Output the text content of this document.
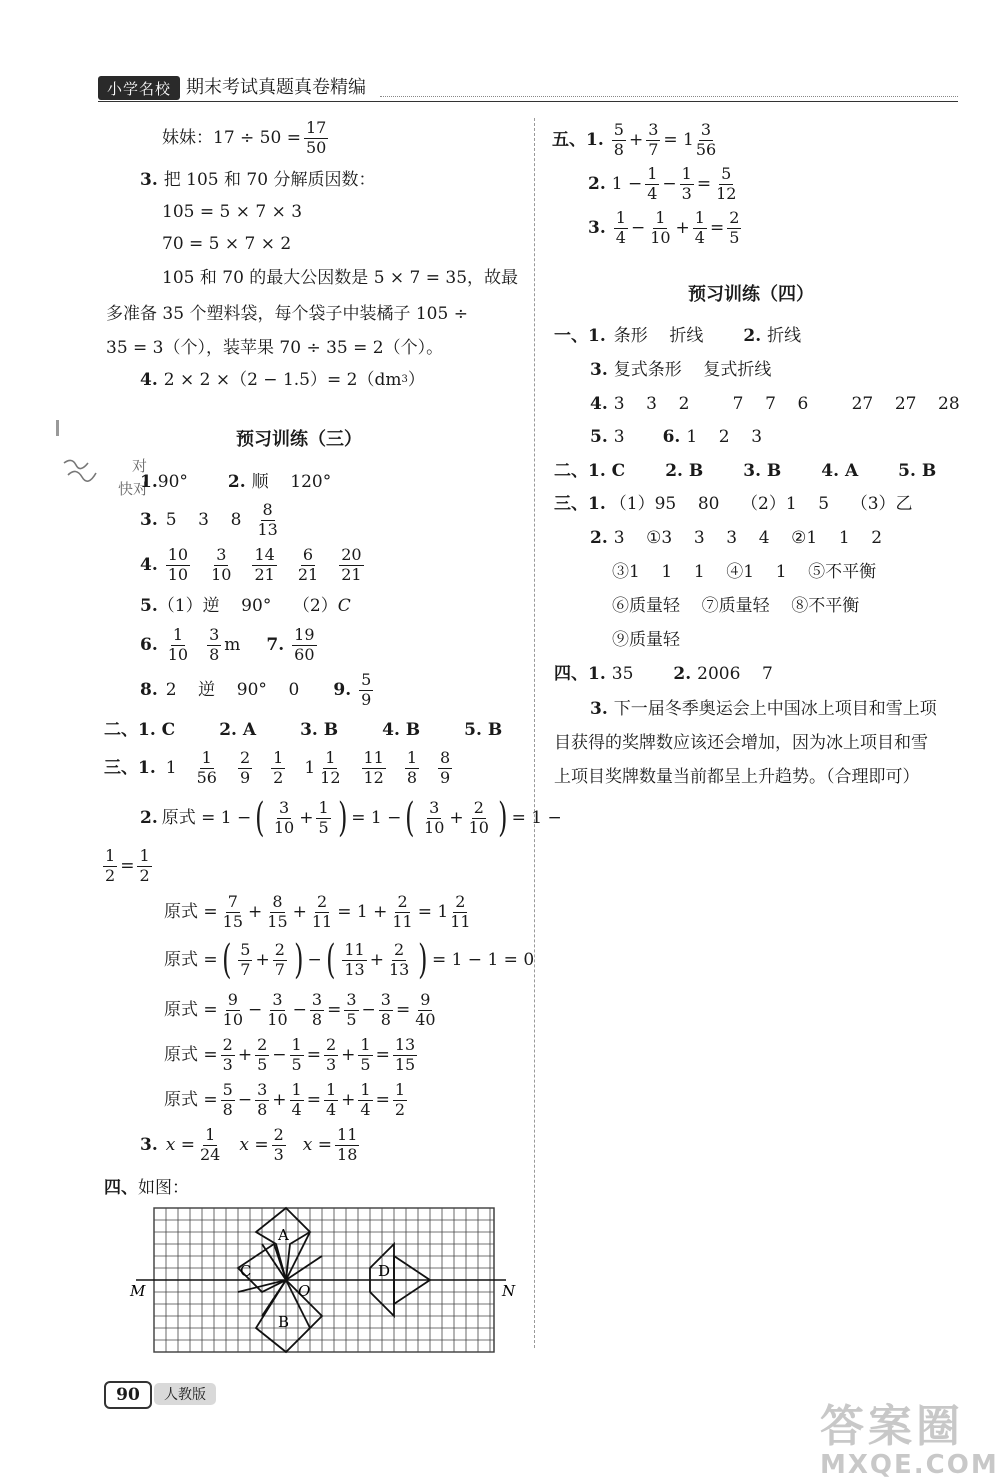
小学名校 期末考试真题真卷精编
对
快对
妹妹：$17 \div 50 = \frac{17}{50}$
3. 把 105 和 70 分解质因数：
105 = 5 × 7 × 3
70 = 5 × 7 × 2
105 和 70 的最大公因数是 5 × 7 = 35，故最
多准备 35 个塑料袋，每个袋子中装橘子 105 ÷
35 = 3（个），装苹果 70 ÷ 35 = 2（个）。
4. 2 × 2 ×（2 − 1.5）= 2（dm 3 ）
预习训练（三）
1. 90° 2. 顺    120°
3. 5    3    8
8
13
4.
10
10
3
10
14
21
6
21
20
21
5. （1）逆    90°    （2） C
6.
1
10
3
8 m 7.
19
60
8. 2    逆    90°    0 9.
5
9
二、 1. C	2. A	3. B	4. B	5. B
三、 1. 1
1
56
2
9
1
2 1
1
12
11
12
1
8
8
9
2. 原式 = 1 − ( 3
$10 + \frac{1}{5}$ ) = 1 − ( 3
$10 + \frac{2}{10}$ ) = 1 −
$\frac{1}{2} = \frac{1}{2}$
原式 = $\frac{7}{15} + \frac{8}{15} + \frac{2}{11} = 1 + \frac{2}{11} = 1$
2
11
原式 = ( 5
$7 + \frac{2}{7}$ ) − ( 11
$13 + \frac{2}{13}$ ) = 1 − 1 = 0
原式 = $\frac{9}{10} - \frac{3}{10} - \frac{3}{8} = \frac{3}{5} - \frac{3}{8} = \frac{9}{40}$
原式 = $\frac{2}{3} + \frac{2}{5} - \frac{1}{5} = \frac{2}{3} + \frac{1}{5} = \frac{13}{15}$
原式 = $\frac{5}{8} - \frac{3}{8} + \frac{1}{4} = \frac{1}{4} + \frac{1}{4} = \frac{1}{2}$
3. $x = \frac{1}{24}$ $x = \frac{2}{3}$ $x = \frac{11}{18}$
四、 如图：
A
B
C	D
O
M	N
五、 1.
5
$8 + \frac{3}{7} = 1$
3
56
2. $1 - \frac{1}{4} - \frac{1}{3} = \frac{5}{12}$
3.
1
$4 - \frac{1}{10} + \frac{1}{4} = \frac{2}{5}$
预习训练（四）
一、 1. 条形    折线 2. 折线
3. 复式条形    复式折线
4. 3    3    2        7    7    6        27    27    28
5. 3 6. 1    2    3
二、 1. C 2. B 3. B 4. A 5. B
三、 1. （1）95    80    （2）1    5    （3）乙
2. 3    ①3    3    3    4    ②1    1    2
③1    1    1    ④1    1    ⑤不平衡
⑥质量轻    ⑦质量轻    ⑧不平衡
⑨质量轻
四、 1. 35 2. 2006    7
3. 下一届冬季奥运会上中国冰上项目和雪上项
目获得的奖牌数应该还会增加，因为冰上项目和雪
上项目奖牌数量当前都呈上升趋势。（合理即可）
90	人教版
答案圈
MXQE.COM
